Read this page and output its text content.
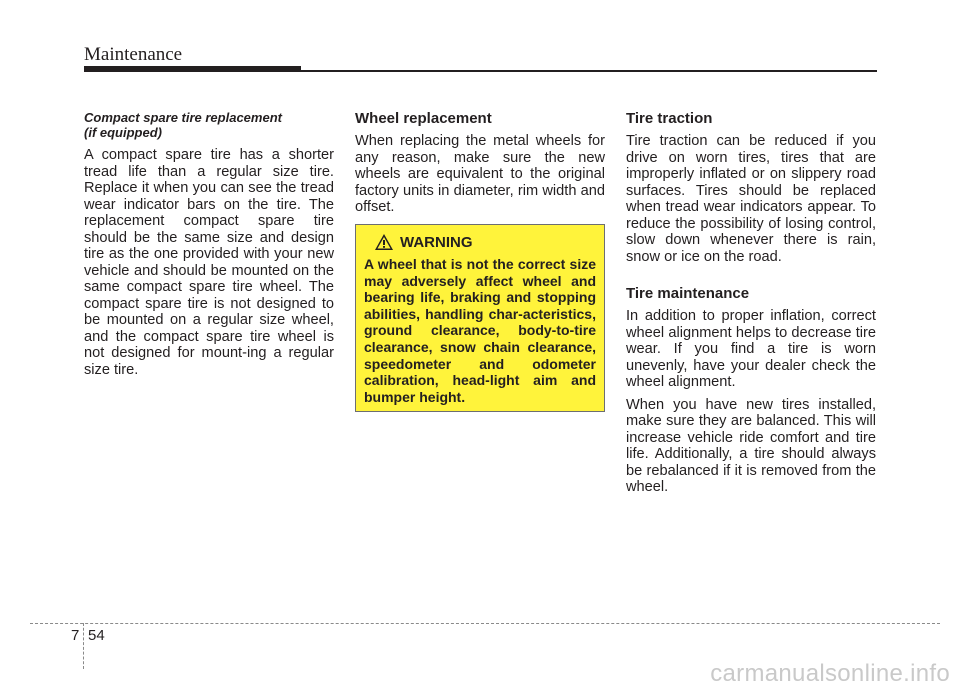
Maintenance
Compact spare tire replacement
(if equipped)

A compact spare tire has a shorter tread life than a regular size tire. Replace it when you can see the tread wear indicator bars on the tire. The replacement compact spare tire should be the same size and design tire as the one provided with your new vehicle and should be mounted on the same compact spare tire wheel. The compact spare tire is not designed to be mounted on a regular size wheel, and the compact spare tire wheel is not designed for mount-ing a regular size tire.

Wheel replacement

When replacing the metal wheels for any reason, make sure the new wheels are equivalent to the original factory units in diameter, rim width and offset.

WARNING

A wheel that is not the correct size may adversely affect wheel and bearing life, braking and stopping abilities, handling char-acteristics, ground clearance, body-to-tire clearance, snow chain clearance, speedometer and odometer calibration, head-light aim and bumper height.

Tire traction

Tire traction can be reduced if you drive on worn tires, tires that are improperly inflated or on slippery road surfaces. Tires should be replaced when tread wear indicators appear. To reduce the possibility of losing control, slow down whenever there is rain, snow or ice on the road.

Tire maintenance

In addition to proper inflation, correct wheel alignment helps to decrease tire wear. If you find a tire is worn unevenly, have your dealer check the wheel alignment.

When you have new tires installed, make sure they are balanced. This will increase vehicle ride comfort and tire life. Additionally, a tire should always be rebalanced if it is removed from the wheel.

7 54
carmanualsonline.info
